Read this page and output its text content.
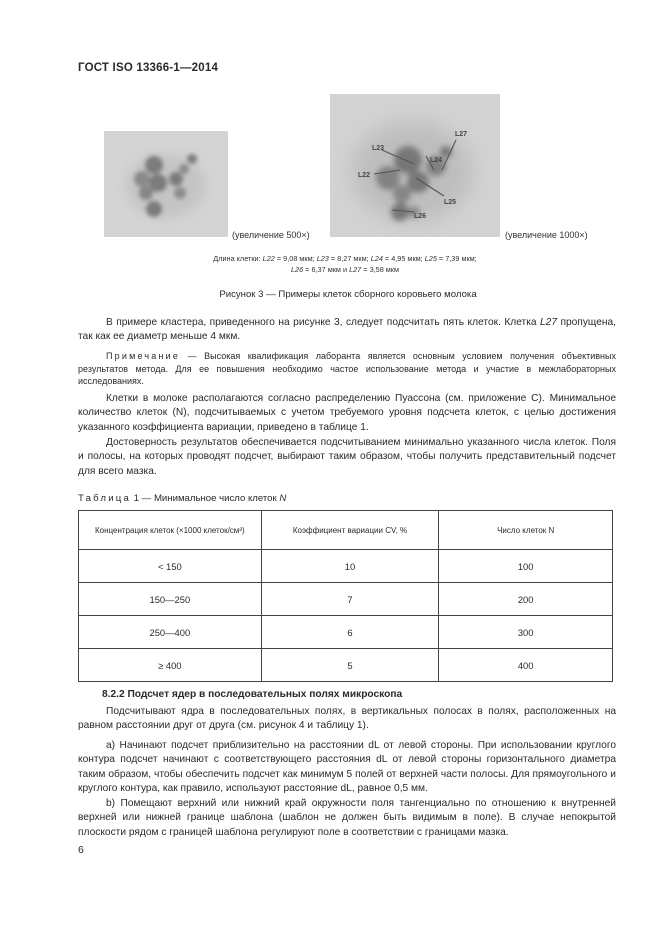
ГОСТ ISO 13366-1—2014
(увеличение 500×)
L23
L22
L24
L25
L26
L27
(увеличение 1000×)
Длина клетки: L22 = 9,08 мкм; L23 = 8,27 мкм; L24 = 4,95 мкм; L25 = 7,39 мкм;
L26 = 6,37 мкм и L27 = 3,58 мкм
Рисунок 3 — Примеры клеток сборного коровьего молока
В примере кластера, приведенного на рисунке 3, следует подсчитать пять клеток. Клетка L27 пропущена, так как ее диаметр меньше 4 мкм.
Примечание — Высокая квалификация лаборанта является основным условием получения объективных результатов метода. Для ее повышения необходимо частое использование метода и участие в межлабораторных исследованиях.
Клетки в молоке располагаются согласно распределению Пуассона (см. приложение С). Минимальное количество клеток (N), подсчитываемых с учетом требуемого уровня подсчета клеток, с целью достижения указанного коэффициента вариации, приведено в таблице 1.
Достоверность результатов обеспечивается подсчитыванием минимально указанного числа клеток. Поля и полосы, на которых проводят подсчет, выбирают таким образом, чтобы получить представительный подсчет для всего мазка.
Таблица 1 — Минимальное число клеток N
Концентрация клеток (×1000 клеток/см³)	Коэффициент вариации CV, %	Число клеток N
< 150	10	100
150—250	7	200
250—400	6	300
≥ 400	5	400
8.2.2 Подсчет ядер в последовательных полях микроскопа
Подсчитывают ядра в последовательных полях, в вертикальных полосах в полях, расположенных на равном расстоянии друг от друга (см. рисунок 4 и таблицу 1).
a) Начинают подсчет приблизительно на расстоянии dL от левой стороны. При использовании круглого контура подсчет начинают с соответствующего расстояния dL от левой стороны горизонтального диаметра таким образом, чтобы обеспечить подсчет как минимум 5 полей от верхней части полосы. Для прямоугольного и круглого контура, как правило, используют расстояние dL, равное 0,5 мм.
b) Помещают верхний или нижний край окружности поля тангенциально по отношению к внутренней верхней или нижней границе шаблона (шаблон не должен быть видимым в поле). В случае непокрытой плоскости рядом с границей шаблона регулируют поле в соответствии с границами мазка.
6
